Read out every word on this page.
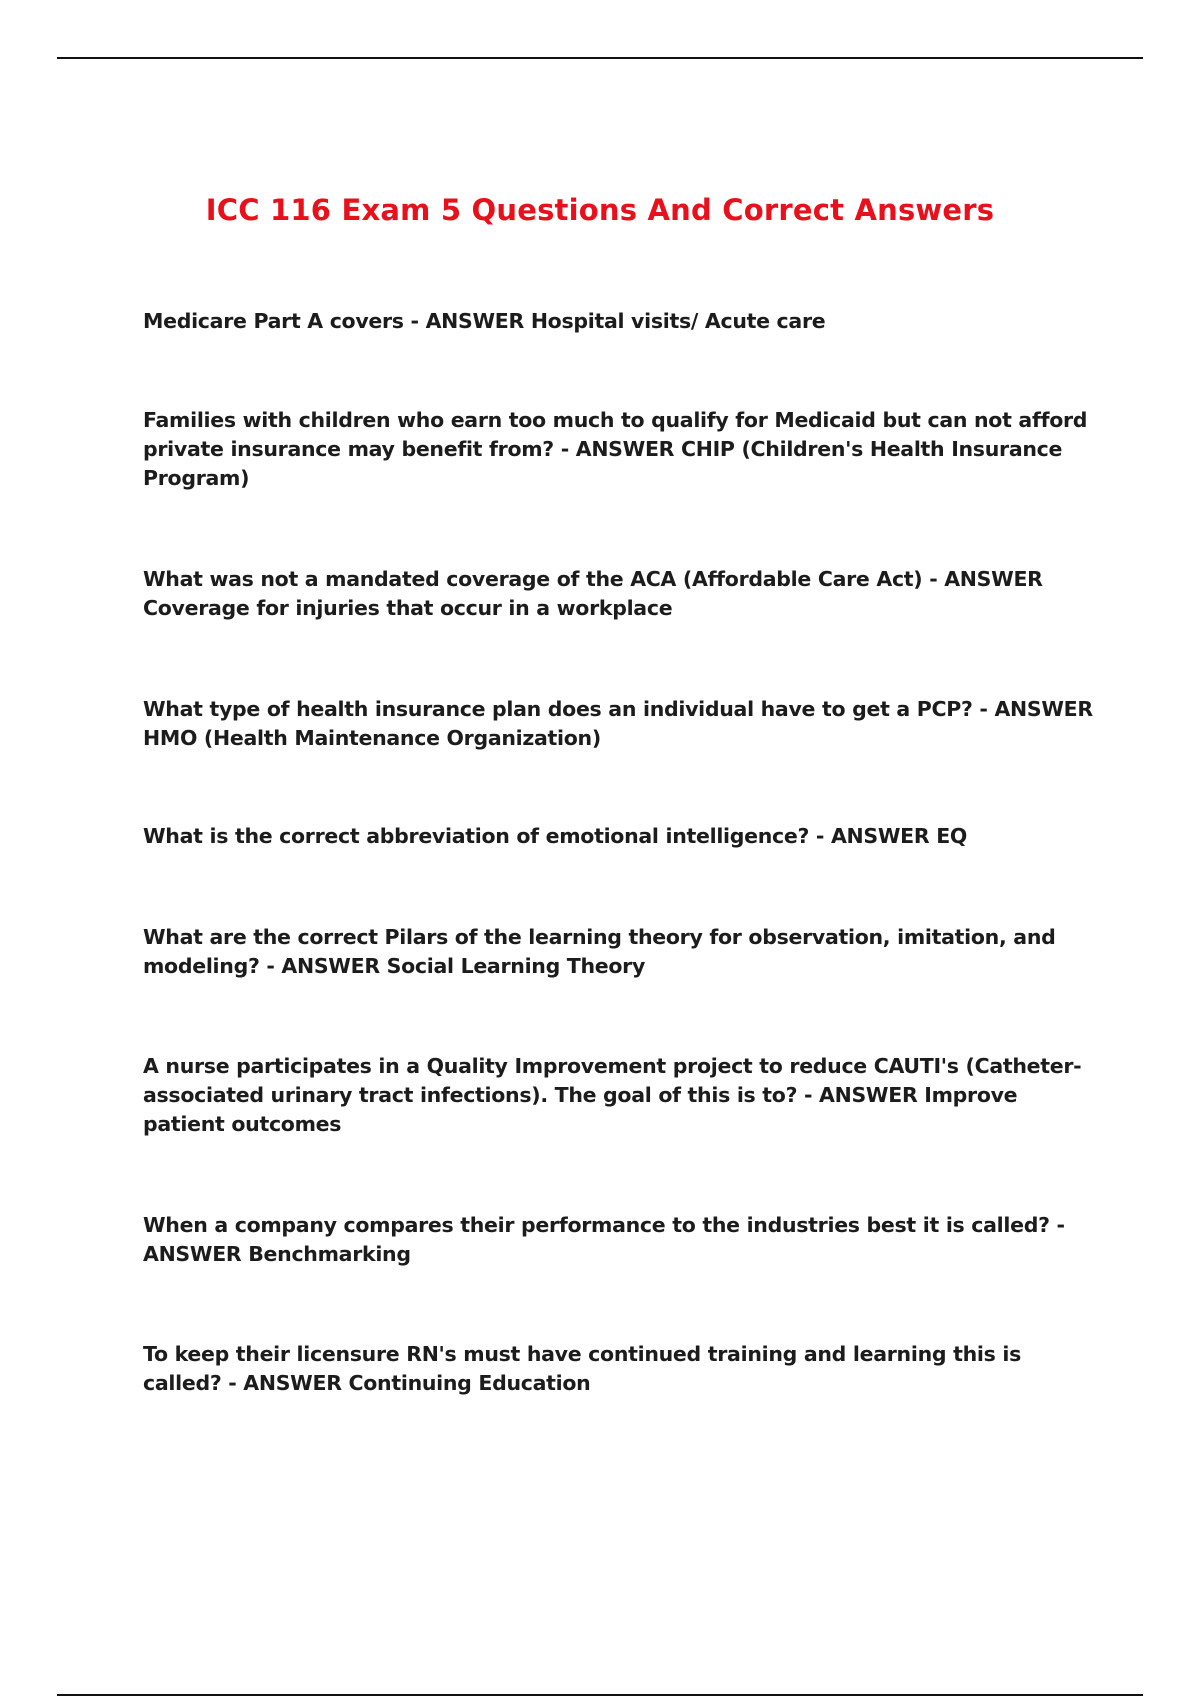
ICC 116 Exam 5 Questions And Correct Answers

Medicare Part A covers - ANSWER Hospital visits/ Acute care

Families with children who earn too much to qualify for Medicaid but can not afford private insurance may benefit from? - ANSWER CHIP (Children's Health Insurance Program)

What was not a mandated coverage of the ACA (Affordable Care Act) - ANSWER Coverage for injuries that occur in a workplace

What type of health insurance plan does an individual have to get a PCP? - ANSWER HMO (Health Maintenance Organization)

What is the correct abbreviation of emotional intelligence? - ANSWER EQ

What are the correct Pilars of the learning theory for observation, imitation, and modeling? - ANSWER Social Learning Theory

A nurse participates in a Quality Improvement project to reduce CAUTI's (Catheter-associated urinary tract infections). The goal of this is to? - ANSWER Improve patient outcomes

When a company compares their performance to the industries best it is called? - ANSWER Benchmarking

To keep their licensure RN's must have continued training and learning this is called? - ANSWER Continuing Education
